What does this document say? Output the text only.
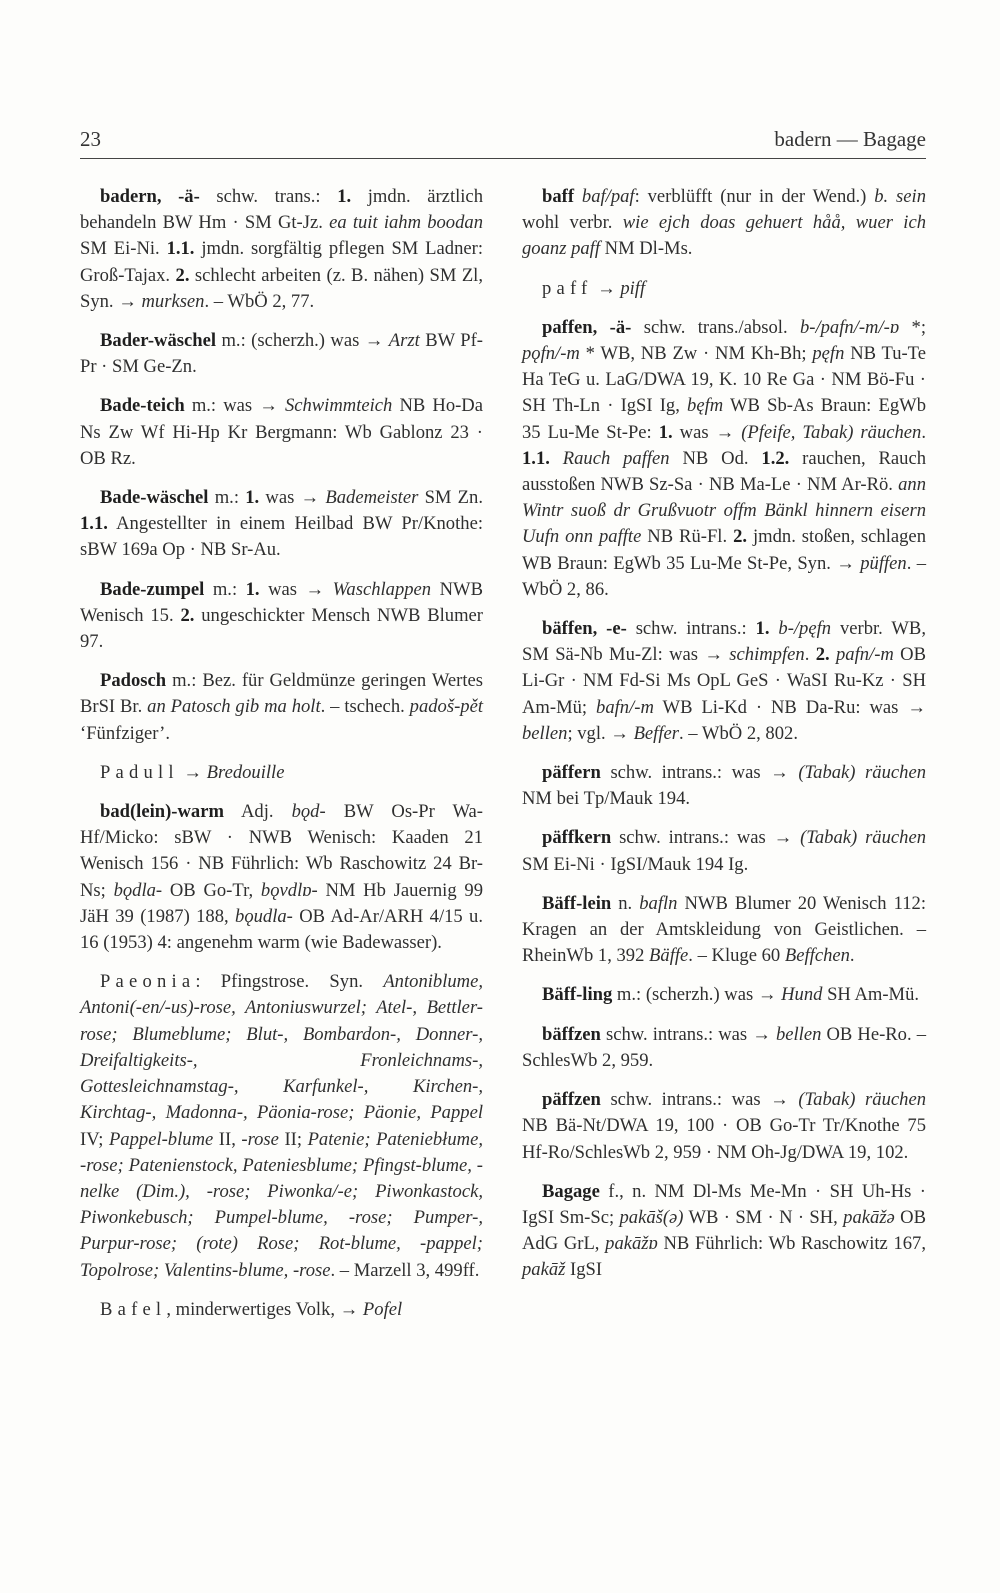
23	badern — Bagage

badern, -ä- schw. trans.: 1. jmdn. ärztlich behandeln BW Hm · SM Gt-Jz. ea tuit iahm boodan SM Ei-Ni. 1.1. jmdn. sorgfältig pflegen SM Ladner: Groß-Tajax. 2. schlecht arbeiten (z. B. nähen) SM Zl, Syn. → murksen. – WbÖ 2, 77.

Bader-wäschel m.: (scherzh.) was → Arzt BW Pf-Pr · SM Ge-Zn.

Bade-teich m.: was → Schwimmteich NB Ho-Da Ns Zw Wf Hi-Hp Kr Bergmann: Wb Gablonz 23 · OB Rz.

Bade-wäschel m.: 1. was → Bademeister SM Zn. 1.1. Angestellter in einem Heilbad BW Pr/Knothe: sBW 169a Op · NB Sr-Au.

Bade-zumpel m.: 1. was → Waschlappen NWB Wenisch 15. 2. ungeschickter Mensch NWB Blumer 97.

Padosch m.: Bez. für Geldmünze geringen Wertes BrSI Br. an Patosch gib ma holt. – tschech. padoš-pět ‘Fünfziger’.

Padull → Bredouille

bad(lein)-warm Adj. bǫd- BW Os-Pr Wa-Hf/Micko: sBW · NWB Wenisch: Kaaden 21 Wenisch 156 · NB Führlich: Wb Raschowitz 24 Br-Ns; bǫdla- OB Go-Tr, bǫvdlɒ- NM Hb Jauernig 99 JäH 39 (1987) 188, bǫudla- OB Ad-Ar/ARH 4/15 u. 16 (1953) 4: angenehm warm (wie Badewasser).

Paeonia: Pfingstrose. Syn. Antoniblume, Antoni(-en/-us)-rose, Antoniuswurzel; Atel-, Bettler-rose; Blumeblume; Blut-, Bombardon-, Donner-, Dreifaltigkeits-, Fronleichnams-, Gottesleichnamstag-, Karfunkel-, Kirchen-, Kirchtag-, Madonna-, Päonia-rose; Päonie, Pappel IV; Pappel-blume II, -rose II; Patenie; Pateniebłume, -rose; Patenienstock, Pateniesblume; Pfingst-blume, -nelke (Dim.), -rose; Piwonka/-e; Piwonkastock, Piwonkebusch; Pumpel-blume, -rose; Pumper-, Purpur-rose; (rote) Rose; Rot-blume, -pappel; Topolrose; Valentins-blume, -rose. – Marzell 3, 499ff.

Bafel, minderwertiges Volk, → Pofel

baff baf/paf: verblüfft (nur in der Wend.) b. sein wohl verbr. wie ejch doas gehuert håå, wuer ich goanz paff NM Dl-Ms.

paff → piff

paffen, -ä- schw. trans./absol. b-/pafn/-m/-ɒ *; pǫfn/-m * WB, NB Zw · NM Kh-Bh; pęfn NB Tu-Te Ha TeG u. LaG/DWA 19, K. 10 Re Ga · NM Bö-Fu · SH Th-Ln · IgSI Ig, bęfm WB Sb-As Braun: EgWb 35 Lu-Me St-Pe: 1. was → (Pfeife, Tabak) räuchen. 1.1. Rauch paffen NB Od. 1.2. rauchen, Rauch ausstoßen NWB Sz-Sa · NB Ma-Le · NM Ar-Rö. ann Wintr suoß dr Grußvuotr offm Bänkl hinnern eisern Uufn onn paffte NB Rü-Fl. 2. jmdn. stoßen, schlagen WB Braun: EgWb 35 Lu-Me St-Pe, Syn. → püffen. – WbÖ 2, 86.

bäffen, -e- schw. intrans.: 1. b-/pęfn verbr. WB, SM Sä-Nb Mu-Zl: was → schimpfen. 2. pafn/-m OB Li-Gr · NM Fd-Si Ms OpL GeS · WaSI Ru-Kz · SH Am-Mü; bafn/-m WB Li-Kd · NB Da-Ru: was → bellen; vgl. → Beffer. – WbÖ 2, 802.

päffern schw. intrans.: was → (Tabak) räuchen NM bei Tp/Mauk 194.

päffkern schw. intrans.: was → (Tabak) räuchen SM Ei-Ni · IgSI/Mauk 194 Ig.

Bäff-lein n. bafln NWB Blumer 20 Wenisch 112: Kragen an der Amtskleidung von Geistlichen. – RheinWb 1, 392 Bäffe. – Kluge 60 Beffchen.

Bäff-ling m.: (scherzh.) was → Hund SH Am-Mü.

bäffzen schw. intrans.: was → bellen OB He-Ro. – SchlesWb 2, 959.

päffzen schw. intrans.: was → (Tabak) räuchen NB Bä-Nt/DWA 19, 100 · OB Go-Tr Tr/Knothe 75 Hf-Ro/SchlesWb 2, 959 · NM Oh-Jg/DWA 19, 102.

Bagage f., n. NM Dl-Ms Me-Mn · SH Uh-Hs · IgSI Sm-Sc; pakāš(ə) WB · SM · N · SH, pakāžə OB AdG GrL, pakāžɒ NB Führlich: Wb Raschowitz 167, pakāž IgSI
